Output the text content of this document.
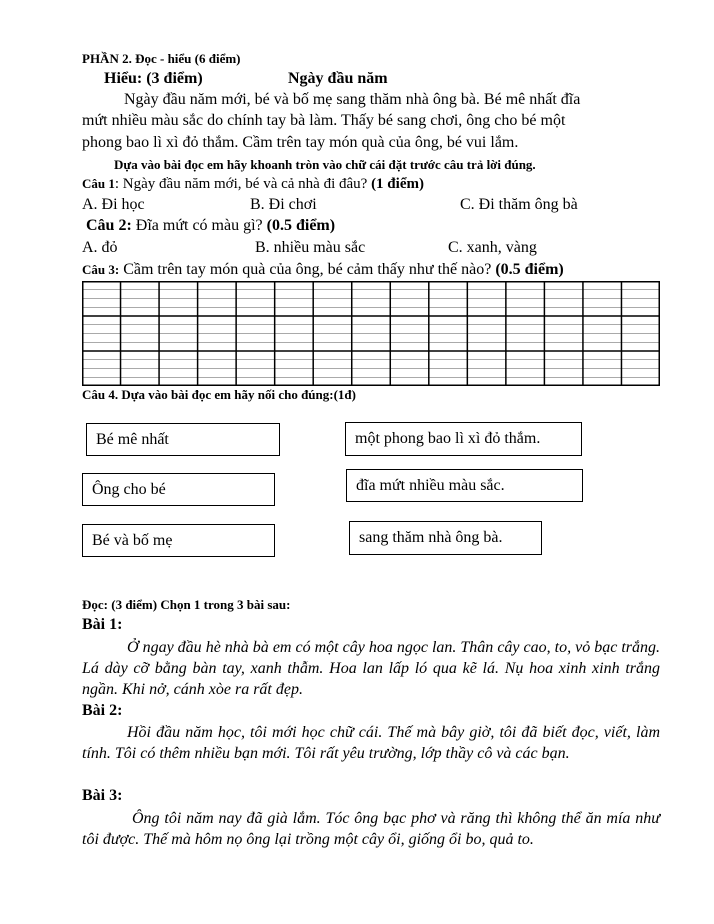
PHẦN 2. Đọc - hiểu (6 điểm)
Hiểu: (3 điểm)	Ngày đầu năm
Ngày đầu năm mới, bé và bố mẹ sang thăm nhà ông bà. Bé mê nhất đĩa
mứt nhiều màu sắc do chính tay bà làm. Thấy bé sang chơi, ông cho bé một
phong bao lì xì đỏ thắm. Cầm trên tay món quà của ông, bé vui lắm.
Dựa vào bài đọc em hãy khoanh tròn vào chữ cái đặt trước câu trả lời đúng.
Câu 1: Ngày đầu năm mới, bé và cả nhà đi đâu? (1 điểm)
A. Đi học	B. Đi chơi	C. Đi thăm ông bà
Câu 2: Đĩa mứt có màu gì? (0.5 điểm)
A. đỏ	B. nhiều màu sắc	C. xanh, vàng
Câu 3: Cầm trên tay món quà của ông, bé cảm thấy như thế nào? (0.5 điểm)
Câu 4. Dựa vào bài đọc em hãy nối cho đúng:(1đ)
Bé mê nhất
Ông cho bé
Bé và bố mẹ
một phong bao lì xì đỏ thắm.
đĩa mứt nhiều màu sắc.
sang thăm nhà ông bà.
Đọc: (3 điểm) Chọn 1 trong 3 bài sau:
Bài 1:
Ở ngay đầu hè nhà bà em có một cây hoa ngọc lan. Thân cây cao, to, vỏ bạc trắng. Lá dày cỡ bằng bàn tay, xanh thẫm. Hoa lan lấp ló qua kẽ lá. Nụ hoa xinh xinh trắng ngần. Khi nở, cánh xòe ra rất đẹp.
Bài 2:
Hồi đầu năm học, tôi mới học chữ cái. Thế mà bây giờ, tôi đã biết đọc, viết, làm tính. Tôi có thêm nhiều bạn mới. Tôi rất yêu trường, lớp thầy cô và các bạn.
Bài 3:
Ông tôi năm nay đã già lắm. Tóc ông bạc phơ và răng thì không thể ăn mía như tôi được. Thế mà hôm nọ ông lại trồng một cây ổi, giống ổi bo, quả to.
